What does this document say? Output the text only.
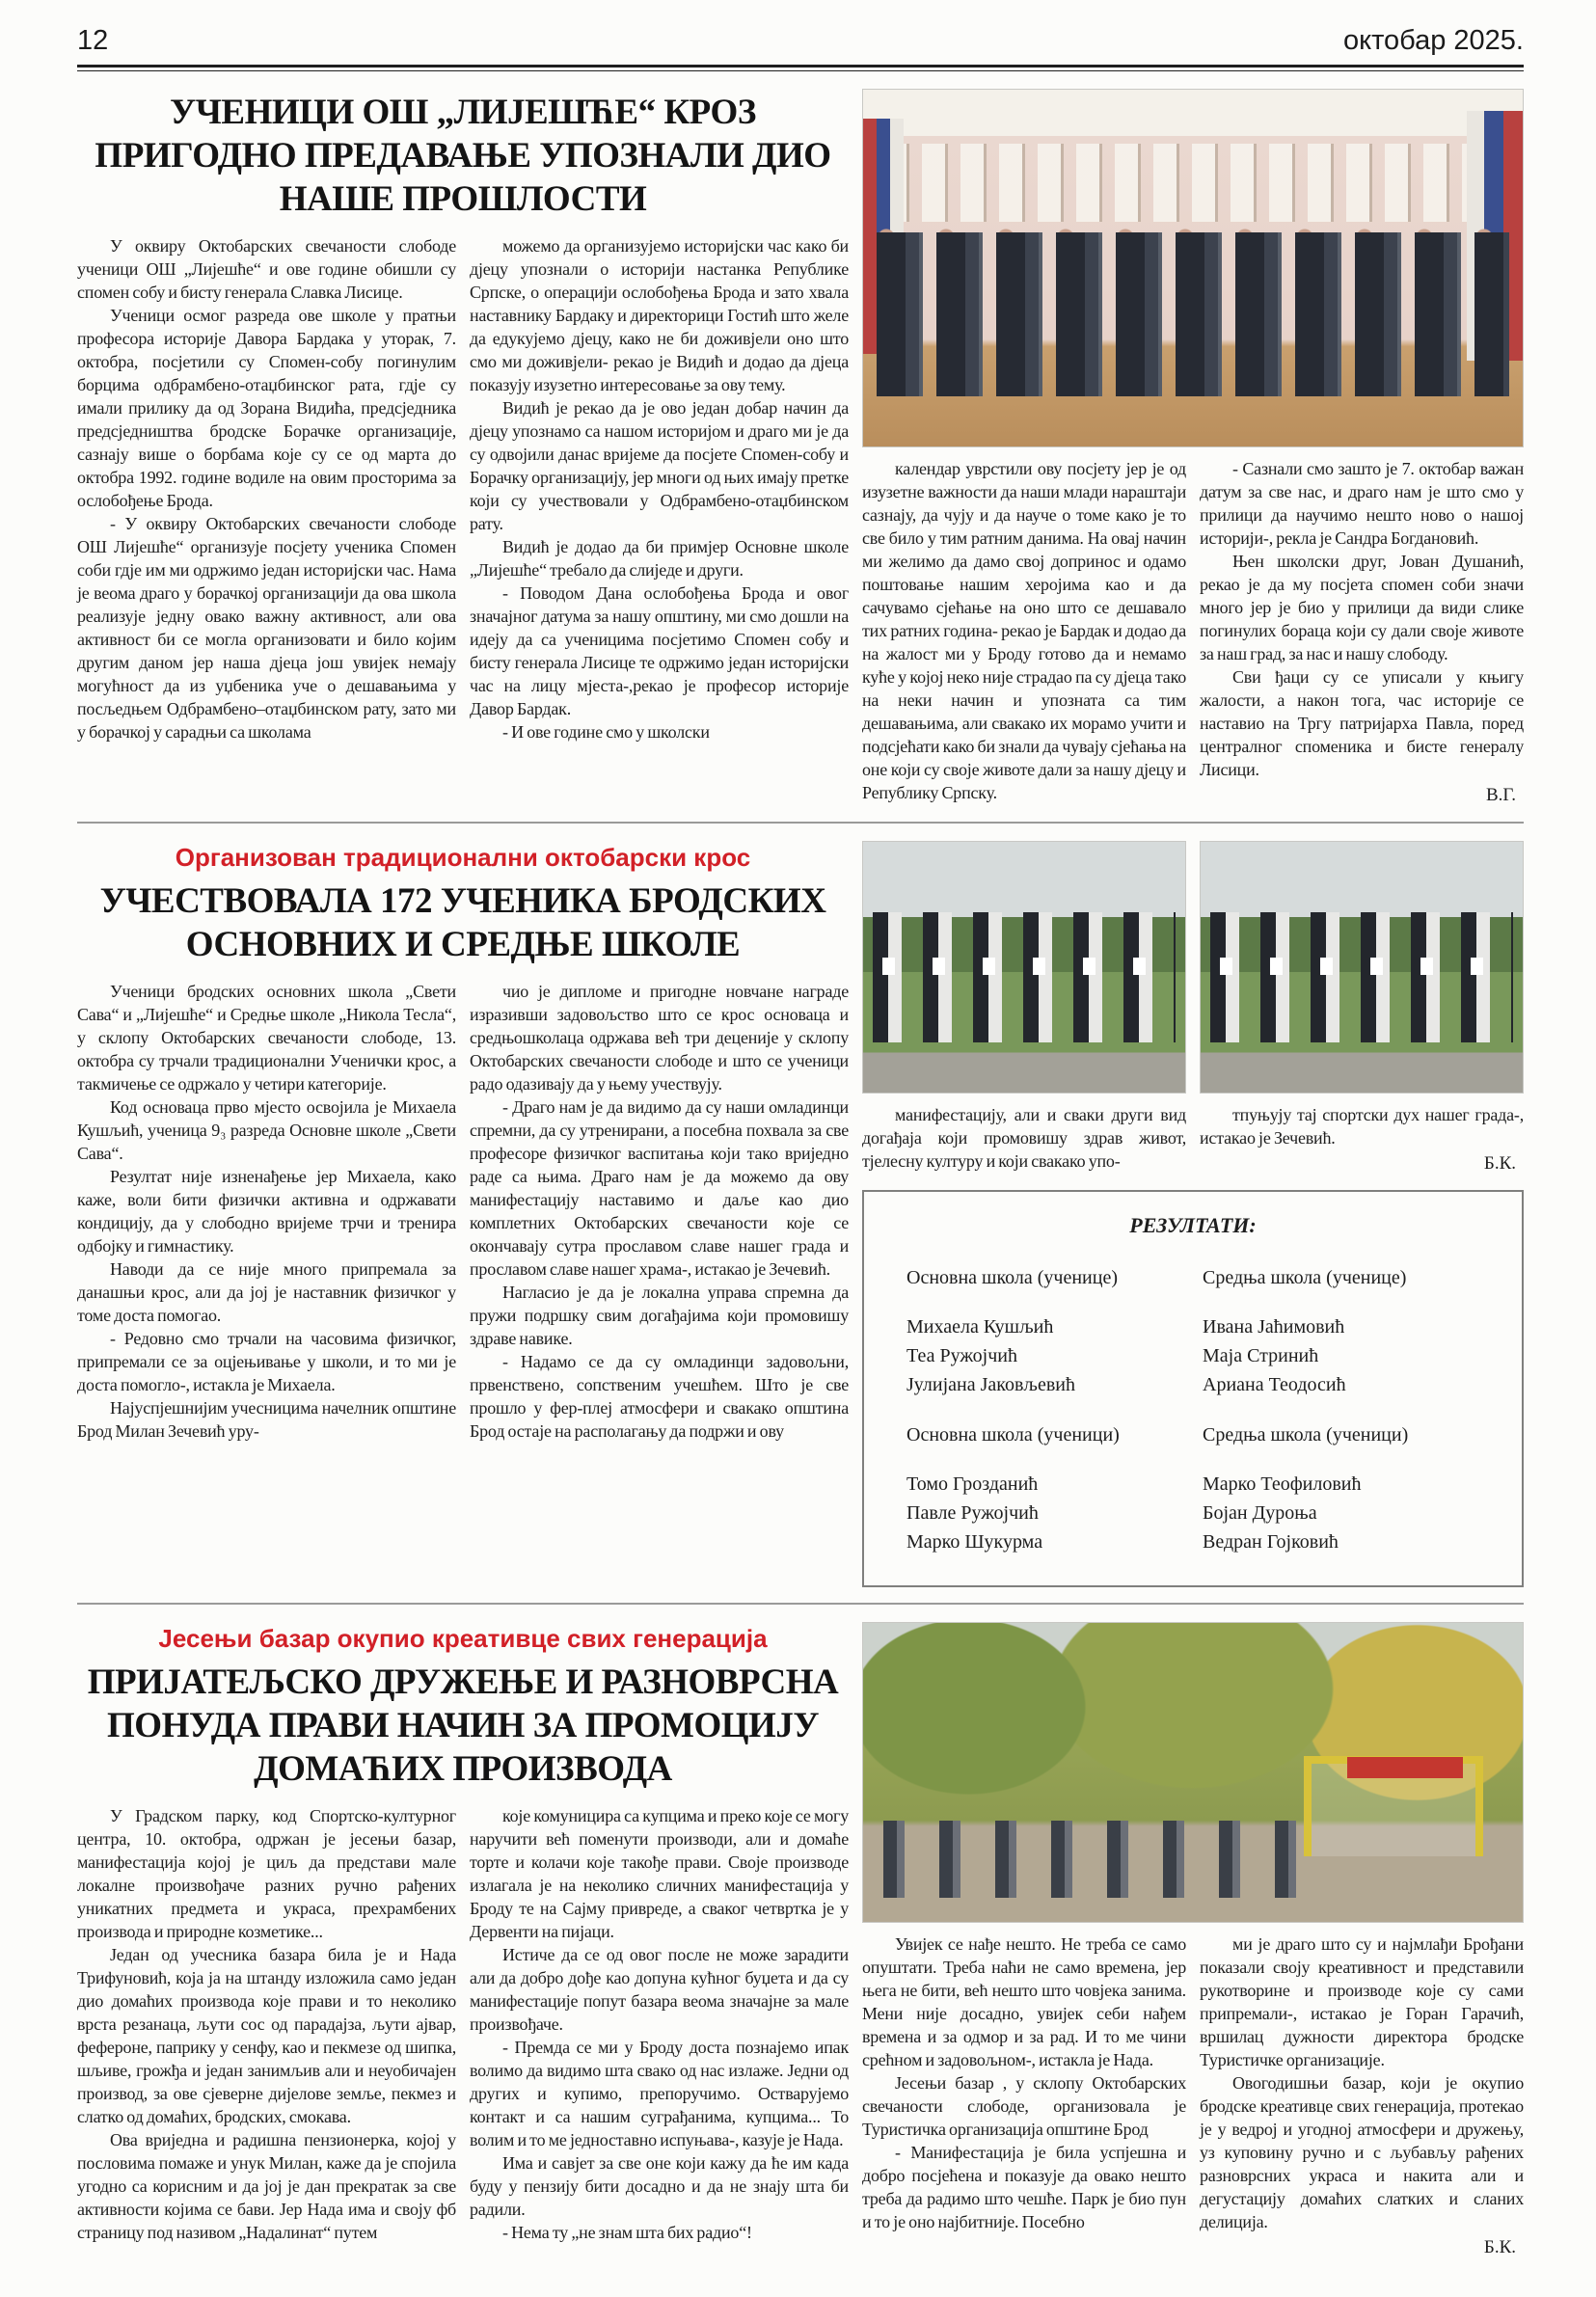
12	октобар 2025.
УЧЕНИЦИ ОШ „ЛИЈЕШЋЕ“ КРОЗ ПРИГОДНО ПРЕДАВАЊЕ УПОЗНАЛИ ДИО НАШЕ ПРОШЛОСТИ

У оквиру Октобарских свечаности слободе ученици ОШ „Лијешће“ и ове године обишли су спомен собу и бисту генерала Славка Лисице.

Ученици осмог разреда ове школе у пратњи професора историје Давора Бардака у уторак, 7. октобра, посјетили су Спомен-собу погинулим борцима одбрамбено-отаџбинског рата, гдје су имали прилику да од Зорана Видића, предсједника предсједништва бродске Борачке организације, сазнају више о борбама које су се од марта до октобра 1992. године водиле на овим просторима за ослобођење Брода.

- У оквиру Октобарских свечаности слободе ОШ Лијешће“ организује посјету ученика Спомен соби гдје им ми одржимо један историјски час. Нама је веома драго у борачкој организацији да ова школа реализује једну овако важну активност, али ова активност би се могла организовати и било којим другим даном јер наша дјеца још увијек немају могућност да из уџбеника уче о дешавањима у посљедњем Одбрамбено–отаџбинском рату, зато ми у борачкој у сарадњи са школама

можемо да организујемо историјски час како би дјецу упознали о историји настанка Републике Српске, о операцији ослобођења Брода и зато хвала наставнику Бардаку и директорици Гостић што желе да едукујемо дјецу, како не би доживјели оно што смо ми доживјели- рекао је Видић и додао да дјеца показују изузетно интересовање за ову тему.

Видић је рекао да је ово један добар начин да дјецу упознамо са нашом историјом и драго ми је да су одвојили данас вријеме да посјете Спомен-собу и Борачку организацију, јер многи од њих имају претке који су учествовали у Одбрамбено-отаџбинском рату.

Видић је додао да би примјер Основне школе „Лијешће“ требало да слиједе и други.

- Поводом Дана ослобођења Брода и овог значајног датума за нашу општину, ми смо дошли на идеју да са ученицима посјетимо Спомен собу и бисту генерала Лисице те одржимо један историјски час на лицу мјеста-,рекао је професор историје Давор Бардак.

- И ове године смо у школски

календар уврстили ову посјету јер је од изузетне важности да наши млади нараштаји сазнају, да чују и да науче о томе како је то све било у тим ратним данима. На овај начин ми желимо да дамо свој допринос и одамо поштовање нашим херојима као и да сачувамо сјећање на оно што се дешавало тих ратних година- рекао је Бардак и додао да на жалост ми у Броду готово да и немамо куће у којој неко није страдао па су дјеца тако на неки начин и упозната са тим дешавањима, али свакако их морамо учити и подсјећати како би знали да чувају сјећања на оне који су своје животе дали за нашу дјецу и Републику Српску.

- Сазнали смо зашто је 7. октобар важан датум за све нас, и драго нам је што смо у прилици да научимо нешто ново о нашој историји-, рекла је Сандра Богдановић.

Њен школски друг, Јован Душанић, рекао је да му посјета спомен соби значи много јер је био у прилици да види слике погинулих бораца који су дали своје животе за наш град, за нас и нашу слободу.

Сви ђаци су се уписали у књигу жалости, а након тога, час историје се наставио на Тргу патријарха Павла, поред централног споменика и бисте генералу Лисици.

В.Г.
Организован традиционални октобарски крос
УЧЕСТВОВАЛА 172 УЧЕНИКА БРОДСКИХ ОСНОВНИХ И СРЕДЊЕ ШКОЛЕ

Ученици бродских основних школа „Свети Сава“ и „Лијешће“ и Средње школе „Никола Тесла“, у склопу Октобарских свечаности слободе, 13. октобра су трчали традиционални Ученички крос, а такмичење се одржало у четири категорије.

Код основаца прво мјесто освојила је Михаела Кушљић, ученица 9₃ разреда Основне школе „Свети Сава“.

Резултат није изненађење јер Михаела, како каже, воли бити физички активна и одржавати кондицију, да у слободно вријеме трчи и тренира одбојку и гимнастику.

Наводи да се није много припремала за данашњи крос, али да јој је наставник физичког у томе доста помогао.

- Редовно смо трчали на часовима физичког, припремали се за оцјењивање у школи, и то ми је доста помогло-, истакла је Михаела.

Најуспјешнијим учесницима начелник општине Брод Милан Зечевић уру-

чио је дипломе и пригодне новчане награде изразивши задовољство што се крос основаца и средњошколаца одржава већ три деценије у склопу Октобарских свечаности слободе и што се ученици радо одазивају да у њему учествују.

- Драго нам је да видимо да су наши омладинци спремни, да су утренирани, а посебна похвала за све професоре физичког васпитања који тако вриједно раде са њима. Драго нам је да можемо да ову манифестацију наставимо и даље као дио комплетних Октобарских свечаности које се окончавају сутра прославом славе нашег града и прославом славе нашег храма-, истакао је Зечевић.

Нагласио је да је локална управа спремна да пружи подршку свим догађајима који промовишу здраве навике.

- Надамо се да су омладинци задовољни, првенствено, сопственим учешћем. Што је све прошло у фер-плеј атмосфери и свакако општина Брод остаје на располагању да подржи и ову

манифестацију, али и сваки други вид догађаја који промовишу здрав живот, тјелесну културу и који свакако упо-

тпуњују тај спортски дух нашег града-, истакао је Зечевић.

Б.К.
РЕЗУЛТАТИ:
Основна школа (ученице)
Михаела Кушљић
Теа Ружојчић
Јулијана Јаковљевић
Основна школа (ученици)
Томо Грозданић
Павле Ружојчић
Марко Шукурма
Средња школа (ученице)
Ивана Јаћимовић
Маја Стринић
Ариана Теодосић
Средња школа (ученици)
Марко Теофиловић
Бојан Дуроња
Ведран Гојковић
Јесењи базар окупио креативце свих генерација
ПРИЈАТЕЉСКО ДРУЖЕЊЕ И РАЗНОВРСНА ПОНУДА ПРАВИ НАЧИН ЗА ПРОМОЦИЈУ ДОМАЋИХ ПРОИЗВОДА

У Градском парку, код Спортско-културног центра, 10. октобра, одржан је јесењи базар, манифестација којој је циљ да представи мале локалне произвођаче разних ручно рађених уникатних предмета и украса, прехрамбених производа и природне козметике...

Један од учесника базара била је и Нада Трифуновић, која ја на штанду изложила само један дио домаћих производа које прави и то неколико врста резанаца, љути сос од парадајза, љути ајвар, фефероне, паприку у сенфу, као и пекмезе од шипка, шљиве, грожђа и један занимљив али и неуобичајен производ, за ове сјеверне дијелове земље, пекмез и слатко од домаћих, бродских, смокава.

Ова вриједна и радишна пензионерка, којој у пословима помаже и унук Милан, каже да је спојила угодно са корисним и да јој је дан прекратак за све активности којима се бави. Јер Нада има и своју фб страницу под називом „Надалинат“ путем

које комуницира са купцима и преко које се могу наручити већ поменути производи, али и домаће торте и колачи које такође прави. Своје производе излагала је на неколико сличних манифестација у Броду те на Сајму привреде, а сваког четвртка је у Дервенти на пијаци.

Истиче да се од овог после не може зарадити али да добро дође као допуна кућног буџета и да су манифестације попут базара веома значајне за мале произвођаче.

- Премда се ми у Броду доста познајемо ипак волимо да видимо шта свако од нас излаже. Једни од других и купимо, препоручимо. Остварујемо контакт и са нашим суграђанима, купцима... То волим и то ме једноставно испуњава-, казује је Нада.

Има и савјет за све оне који кажу да ће им када буду у пензију бити досадно и да не знају шта би радили.

- Нема ту „не знам шта бих радио“!

Увијек се нађе нешто. Не треба се само опуштати. Треба наћи не само времена, јер њега не бити, већ нешто што човјека занима. Мени није досадно, увијек себи нађем времена и за одмор и за рад. И то ме чини срећном и задовољном-, истакла је Нада.

Јесењи базар , у склопу Октобарских свечаности слободе, организовала је Туристичка организација општине Брод

- Манифестација је била успјешна и добро посјећена и показује да овако нешто треба да радимо што чешће. Парк је био пун и то је оно најбитније. Посебно

ми је драго што су и најмлађи Брођани показали своју креативност и представили рукотворине и производе које су сами припремали-, истакао је Горан Гарачић, вршилац дужности директора бродске Туристичке организације.

Овогодишњи базар, који је окупио бродске креативце свих генерација, протекао је у ведрој и угодној атмосфери и дружењу, уз куповину ручно и с љубављу рађених разноврсних украса и накита али и дегустацију домаћих слатких и сланих делиција.

Б.К.
